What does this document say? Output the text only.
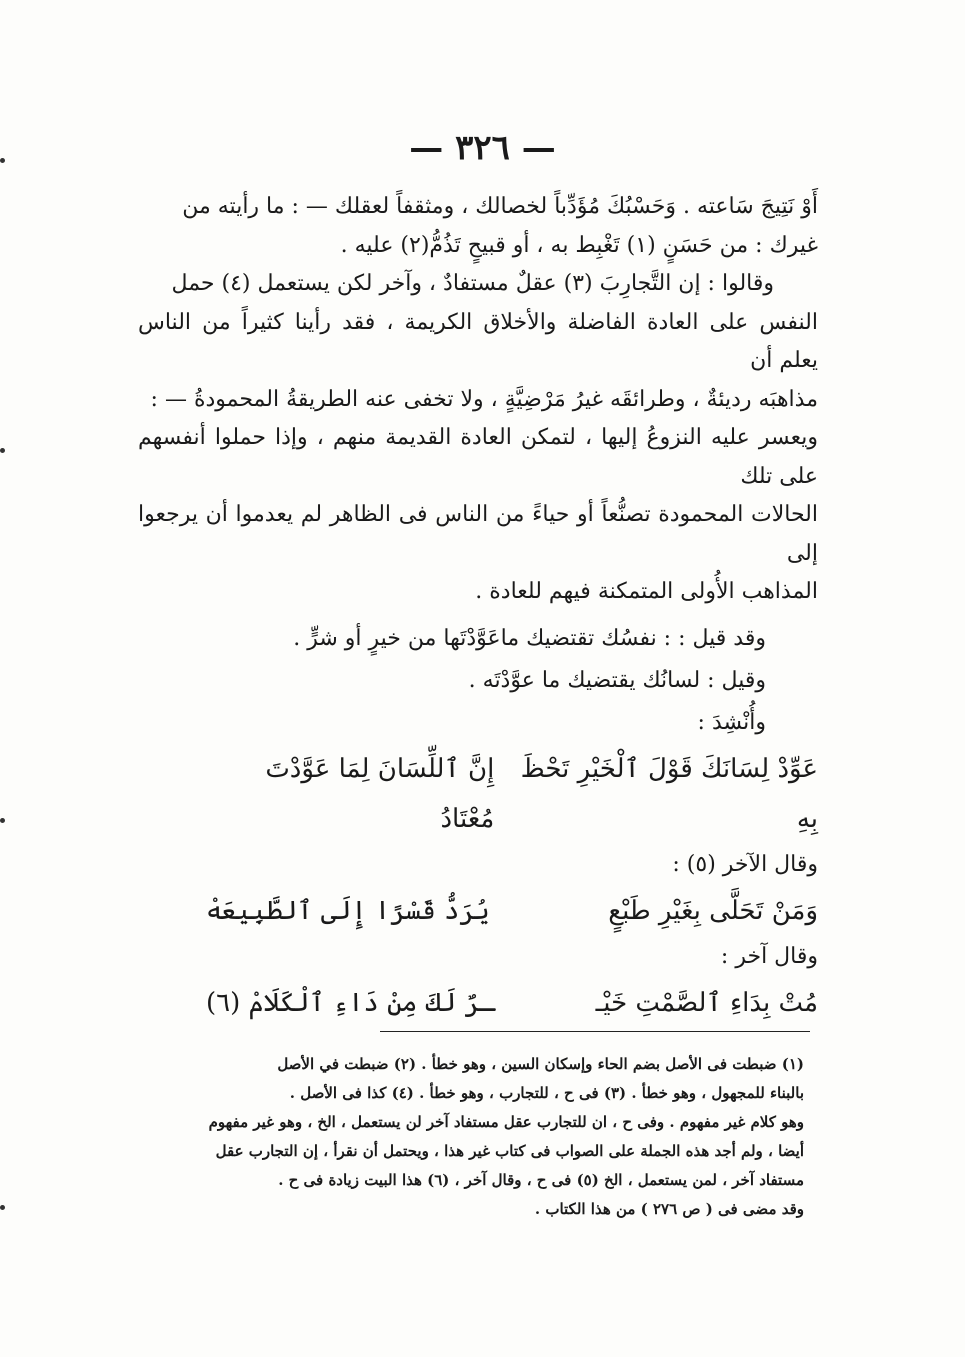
— ٣٢٦ —

أَوْ نَتِيجَ سَاعته . وَحَسْبُكَ مُؤَدِّباً لخصالك ، ومثقفاً لعقلك — : ما رأيته من

غيرك : من حَسَنٍ (١) تَغْبِط به ، أو قبيحٍ تَذُمُّ(٢) عليه .

وقالوا : إن التَّجارِبَ (٣) عقلٌ مستفادٌ ، وآخر لكن يستعمل (٤) حمل

النفس على العادة الفاضلة والأخلاق الكريمة ، فقد رأينا كثيراً من الناس يعلم أن

مذاهبَه رديئةٌ ، وطرائقَه غيرُ مَرْضِيَّةٍ ، ولا تخفى عنه الطريقةُ المحمودةُ — :

ويعسر عليه النزوعُ إليها ، لتمكن العادة القديمة منهم ، وإذا حملوا أنفسهم على تلك

الحالات المحمودة تصنُّعاً أو حياءً من الناس فى الظاهر لم يعدموا أن يرجعوا إلى

المذاهب الأُولى المتمكنة فيهم للعادة .

وقد قيل : : نفسُك تقتضيك ماعَوَّدْتَها من خيرٍ أو شرٍّ .

وقيل : لسانُك يقتضيك ما عوَّدْتَه .

وأُنْشِدَ :

عَوِّدْ لِسَانَكَ قَوْلَ ٱلْخَيْرِ تَحْظَ بِهِ
إِنَّ ٱللِّسَانَ لِمَا عَوَّدْتَ مُعْتَادُ

وقال الآخر (٥) :

وَمَنْ تَحَلَّى بِغَيْرِ طَبْعٍ
يُرَدُّ قَسْرًا إِلَى ٱلطَّبِيعَهْ

وقال آخر :

مُتْ بِدَاءِ ٱلصَّمْتِ خَيْـ
ـرٌ لَكَ مِنْ دَاءِ ٱلْكَلَامْ (٦)

(١) ضبطت فى الأصل بضم الحاء وإسكان السين ، وهو خطأ . (٢) ضبطت في الأصل

بالبناء للمجهول ، وهو خطأ . (٣) فى ح ، للتجارب ، وهو خطأ . (٤) كذا فى الأصل .

وهو كلام غير مفهوم . وفى ح ، ان للتجارب عقل مستفاد آخر لن يستعمل ، الخ ، وهو غير مفهوم

أيضا ، ولم أجد هذه الجملة على الصواب فى كتاب غير هذا ، ويحتمل أن نقرأ ، إن التجارب عقل

مستفاد آخر ، لمن يستعمل ، الخ (٥) فى ح ، وقال آخر ، (٦) هذا البيت زيادة فى ح .

وقد مضى فى ( ص ٢٧٦ ) من هذا الكتاب .
